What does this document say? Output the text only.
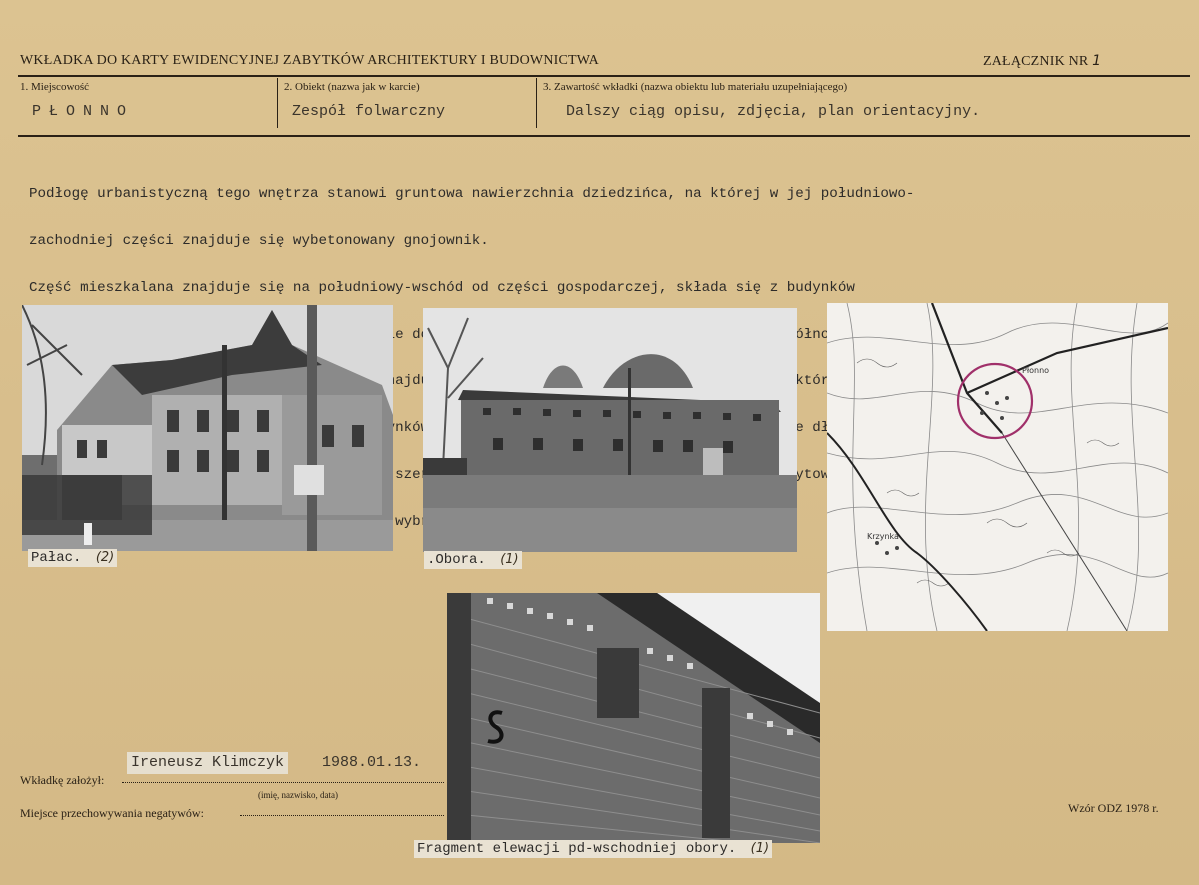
WKŁADKA DO KARTY EWIDENCYJNEJ ZABYTKÓW ARCHITEKTURY I BUDOWNICTWA	ZAŁĄCZNIK NR 1
1. Miejscowość
PŁONNO
2. Obiekt (nazwa jak w karcie)
Zespół folwarczny
3. Zawartość wkładki (nazwa obiektu lub materiału uzupełniającego)
Dalszy ciąg opisu, zdjęcia, plan orientacyjny.

Podłogę urbanistyczną tego wnętrza stanowi gruntowa nawierzchnia dziedzińca, na której w jej południowo-

zachodniej części znajduje się wybetonowany gnojownik.

Część mieszkalana znajduje się na południowy-wschód od części gospodarczej, składa się z budynków

do

znajdują      które

budynków

szereg     szczytowymi

Pałac. (2)	.Obora. (1)
Płonno
Krzynka
Fragment elewacji pd-wschodniej obory. (1)
Wkładkę założył:
Ireneusz Klimczyk	1988.01.13.
(imię, nazwisko, data)
Miejsce przechowywania negatywów:	Wzór ODZ 1978 r.
